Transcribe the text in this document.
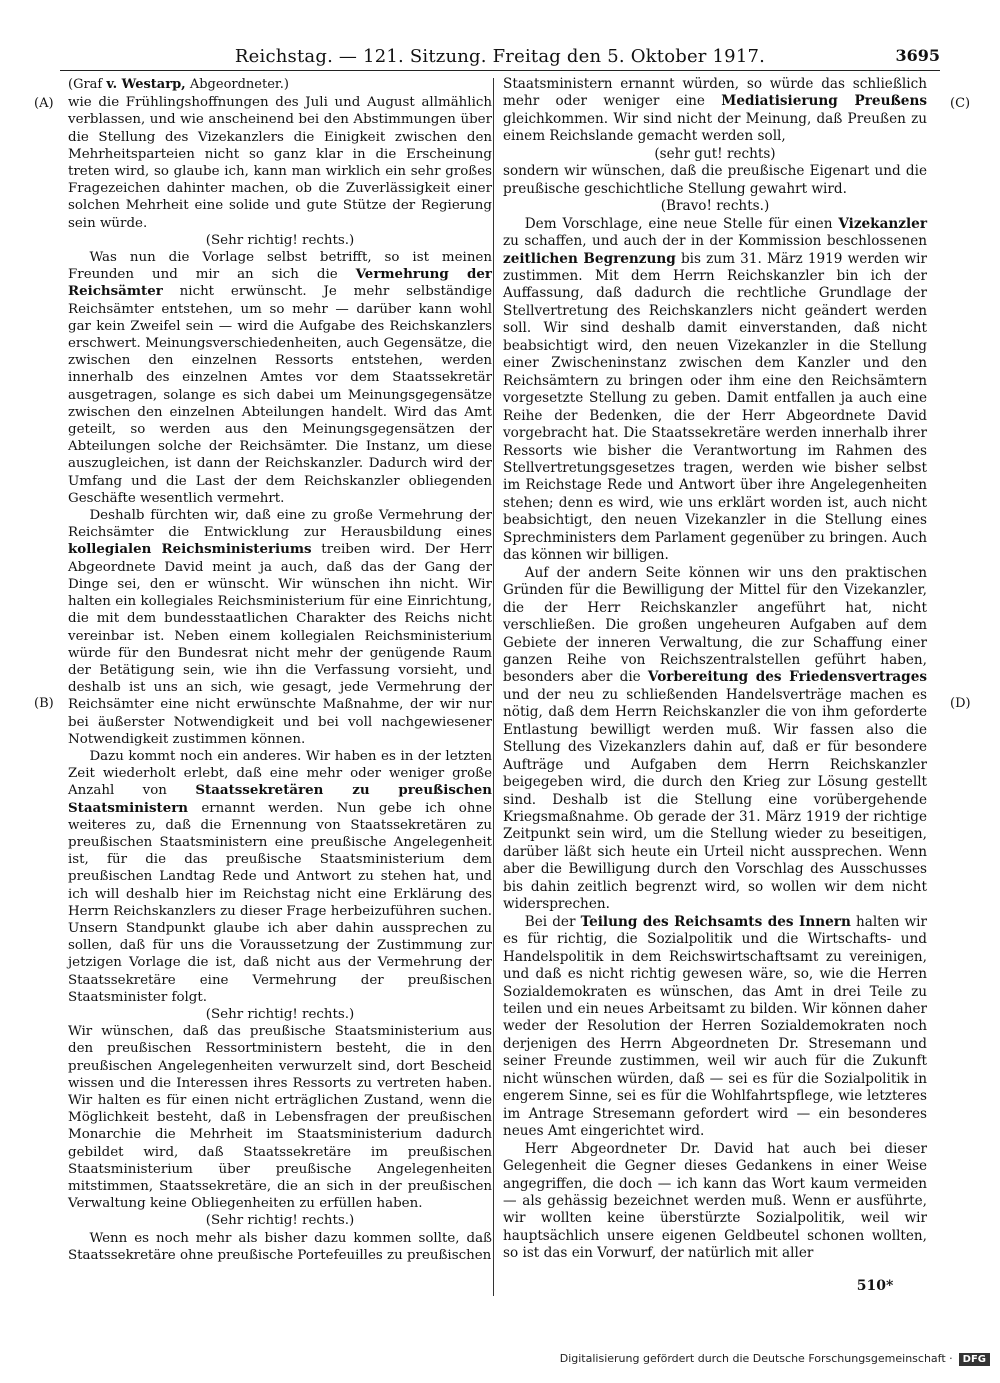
Reichstag. — 121. Sitzung. Freitag den 5. Oktober 1917.	3695
(A)
(B)
(C)
(D)

(Graf v. Westarp, Abgeordneter.)

wie die Frühlingshoffnungen des Juli und August allmählich verblassen, und wie anscheinend bei den Abstimmungen über die Stellung des Vizekanzlers die Einigkeit zwischen den Mehrheitsparteien nicht so ganz klar in die Erscheinung treten wird, so glaube ich, kann man wirklich ein sehr großes Fragezeichen dahinter machen, ob die Zuverlässigkeit einer solchen Mehrheit eine solide und gute Stütze der Regierung sein würde.

(Sehr richtig! rechts.)

Was nun die Vorlage selbst betrifft, so ist meinen Freunden und mir an sich die Vermehrung der Reichsämter nicht erwünscht. Je mehr selbständige Reichsämter entstehen, um so mehr — darüber kann wohl gar kein Zweifel sein — wird die Aufgabe des Reichskanzlers erschwert. Meinungsverschiedenheiten, auch Gegensätze, die zwischen den einzelnen Ressorts entstehen, werden innerhalb des einzelnen Amtes vor dem Staatssekretär ausgetragen, solange es sich dabei um Meinungsgegensätze zwischen den einzelnen Abteilungen handelt. Wird das Amt geteilt, so werden aus den Meinungsgegensätzen der Abteilungen solche der Reichsämter. Die Instanz, um diese auszugleichen, ist dann der Reichskanzler. Dadurch wird der Umfang und die Last der dem Reichskanzler obliegenden Geschäfte wesentlich vermehrt.

Deshalb fürchten wir, daß eine zu große Vermehrung der Reichsämter die Entwicklung zur Herausbildung eines kollegialen Reichsministeriums treiben wird. Der Herr Abgeordnete David meint ja auch, daß das der Gang der Dinge sei, den er wünscht. Wir wünschen ihn nicht. Wir halten ein kollegiales Reichsministerium für eine Einrichtung, die mit dem bundesstaatlichen Charakter des Reichs nicht vereinbar ist. Neben einem kollegialen Reichsministerium würde für den Bundesrat nicht mehr der genügende Raum der Betätigung sein, wie ihn die Verfassung vorsieht, und deshalb ist uns an sich, wie gesagt, jede Vermehrung der Reichsämter eine nicht erwünschte Maßnahme, der wir nur bei äußerster Notwendigkeit und bei voll nachgewiesener Notwendigkeit zustimmen können.

Dazu kommt noch ein anderes. Wir haben es in der letzten Zeit wiederholt erlebt, daß eine mehr oder weniger große Anzahl von Staatssekretären zu preußischen Staatsministern ernannt werden. Nun gebe ich ohne weiteres zu, daß die Ernennung von Staatssekretären zu preußischen Staatsministern eine preußische Angelegenheit ist, für die das preußische Staatsministerium dem preußischen Landtag Rede und Antwort zu stehen hat, und ich will deshalb hier im Reichstag nicht eine Erklärung des Herrn Reichskanzlers zu dieser Frage herbeizuführen suchen. Unsern Standpunkt glaube ich aber dahin aussprechen zu sollen, daß für uns die Voraussetzung der Zustimmung zur jetzigen Vorlage die ist, daß nicht aus der Vermehrung der Staatssekretäre eine Vermehrung der preußischen Staatsminister folgt.

(Sehr richtig! rechts.)

Wir wünschen, daß das preußische Staatsministerium aus den preußischen Ressortministern besteht, die in den preußischen Angelegenheiten verwurzelt sind, dort Bescheid wissen und die Interessen ihres Ressorts zu vertreten haben. Wir halten es für einen nicht erträglichen Zustand, wenn die Möglichkeit besteht, daß in Lebensfragen der preußischen Monarchie die Mehrheit im Staatsministerium dadurch gebildet wird, daß Staatssekretäre im preußischen Staatsministerium über preußische Angelegenheiten mitstimmen, Staatssekretäre, die an sich in der preußischen Verwaltung keine Obliegenheiten zu erfüllen haben.

(Sehr richtig! rechts.)

Wenn es noch mehr als bisher dazu kommen sollte, daß Staatssekretäre ohne preußische Portefeuilles zu preußischen

Staatsministern ernannt würden, so würde das schließlich mehr oder weniger eine Mediatisierung Preußens gleichkommen. Wir sind nicht der Meinung, daß Preußen zu einem Reichslande gemacht werden soll,

(sehr gut! rechts)

sondern wir wünschen, daß die preußische Eigenart und die preußische geschichtliche Stellung gewahrt wird.

(Bravo! rechts.)

Dem Vorschlage, eine neue Stelle für einen Vizekanzler zu schaffen, und auch der in der Kommission beschlossenen zeitlichen Begrenzung bis zum 31. März 1919 werden wir zustimmen. Mit dem Herrn Reichskanzler bin ich der Auffassung, daß dadurch die rechtliche Grundlage der Stellvertretung des Reichskanzlers nicht geändert werden soll. Wir sind deshalb damit einverstanden, daß nicht beabsichtigt wird, den neuen Vizekanzler in die Stellung einer Zwischeninstanz zwischen dem Kanzler und den Reichsämtern zu bringen oder ihm eine den Reichsämtern vorgesetzte Stellung zu geben. Damit entfallen ja auch eine Reihe der Bedenken, die der Herr Abgeordnete David vorgebracht hat. Die Staatssekretäre werden innerhalb ihrer Ressorts wie bisher die Verantwortung im Rahmen des Stellvertretungsgesetzes tragen, werden wie bisher selbst im Reichstage Rede und Antwort über ihre Angelegenheiten stehen; denn es wird, wie uns erklärt worden ist, auch nicht beabsichtigt, den neuen Vizekanzler in die Stellung eines Sprechministers dem Parlament gegenüber zu bringen. Auch das können wir billigen.

Auf der andern Seite können wir uns den praktischen Gründen für die Bewilligung der Mittel für den Vizekanzler, die der Herr Reichskanzler angeführt hat, nicht verschließen. Die großen ungeheuren Aufgaben auf dem Gebiete der inneren Verwaltung, die zur Schaffung einer ganzen Reihe von Reichszentralstellen geführt haben, besonders aber die Vorbereitung des Friedensvertrages und der neu zu schließenden Handelsverträge machen es nötig, daß dem Herrn Reichskanzler die von ihm geforderte Entlastung bewilligt werden muß. Wir fassen also die Stellung des Vizekanzlers dahin auf, daß er für besondere Aufträge und Aufgaben dem Herrn Reichskanzler beigegeben wird, die durch den Krieg zur Lösung gestellt sind. Deshalb ist die Stellung eine vorübergehende Kriegsmaßnahme. Ob gerade der 31. März 1919 der richtige Zeitpunkt sein wird, um die Stellung wieder zu beseitigen, darüber läßt sich heute ein Urteil nicht aussprechen. Wenn aber die Bewilligung durch den Vorschlag des Ausschusses bis dahin zeitlich begrenzt wird, so wollen wir dem nicht widersprechen.

Bei der Teilung des Reichsamts des Innern halten wir es für richtig, die Sozialpolitik und die Wirtschafts- und Handelspolitik in dem Reichswirtschaftsamt zu vereinigen, und daß es nicht richtig gewesen wäre, so, wie die Herren Sozialdemokraten es wünschen, das Amt in drei Teile zu teilen und ein neues Arbeitsamt zu bilden. Wir können daher weder der Resolution der Herren Sozialdemokraten noch derjenigen des Herrn Abgeordneten Dr. Stresemann und seiner Freunde zustimmen, weil wir auch für die Zukunft nicht wünschen würden, daß — sei es für die Sozialpolitik in engerem Sinne, sei es für die Wohlfahrtspflege, wie letzteres im Antrage Stresemann gefordert wird — ein besonderes neues Amt eingerichtet wird.

Herr Abgeordneter Dr. David hat auch bei dieser Gelegenheit die Gegner dieses Gedankens in einer Weise angegriffen, die doch — ich kann das Wort kaum vermeiden — als gehässig bezeichnet werden muß. Wenn er ausführte, wir wollten keine überstürzte Sozialpolitik, weil wir hauptsächlich unsere eigenen Geldbeutel schonen wollten, so ist das ein Vorwurf, der natürlich mit aller

510*
Digitalisierung gefördert durch die Deutsche Forschungsgemeinschaft · DFG
